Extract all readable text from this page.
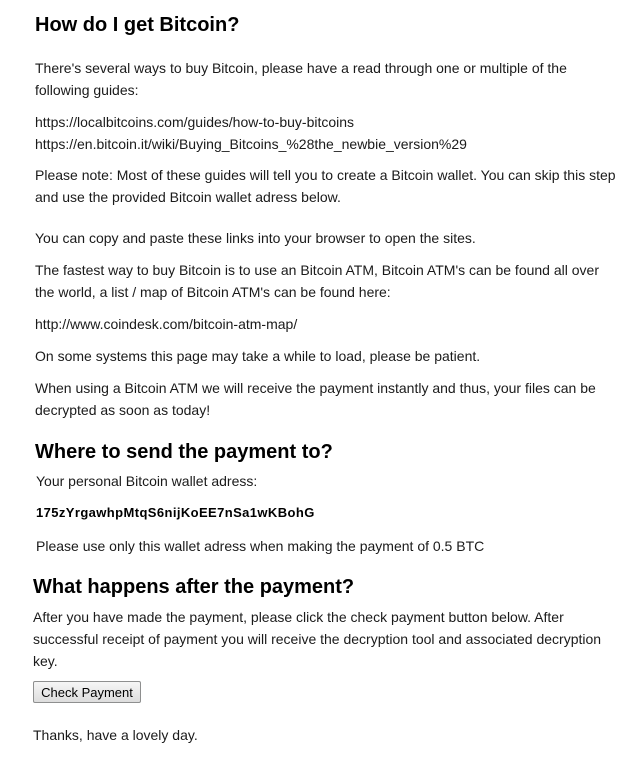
How do I get Bitcoin?
There's several ways to buy Bitcoin, please have a read through one or multiple of the
following guides:
https://localbitcoins.com/guides/how-to-buy-bitcoins
https://en.bitcoin.it/wiki/Buying_Bitcoins_%28the_newbie_version%29
Please note: Most of these guides will tell you to create a Bitcoin wallet. You can skip this step
and use the provided Bitcoin wallet adress below.
You can copy and paste these links into your browser to open the sites.
The fastest way to buy Bitcoin is to use an Bitcoin ATM, Bitcoin ATM's can be found all over
the world, a list / map of Bitcoin ATM's can be found here:
http://www.coindesk.com/bitcoin-atm-map/
On some systems this page may take a while to load, please be patient.
When using a Bitcoin ATM we will receive the payment instantly and thus, your files can be
decrypted as soon as today!
Where to send the payment to?
Your personal Bitcoin wallet adress:
175zYrgawhpMtqS6nijKoEE7nSa1wKBohG
Please use only this wallet adress when making the payment of 0.5 BTC
What happens after the payment?
After you have made the payment, please click the check payment button below. After
successful receipt of payment you will receive the decryption tool and associated decryption
key.
Check Payment
Thanks, have a lovely day.
